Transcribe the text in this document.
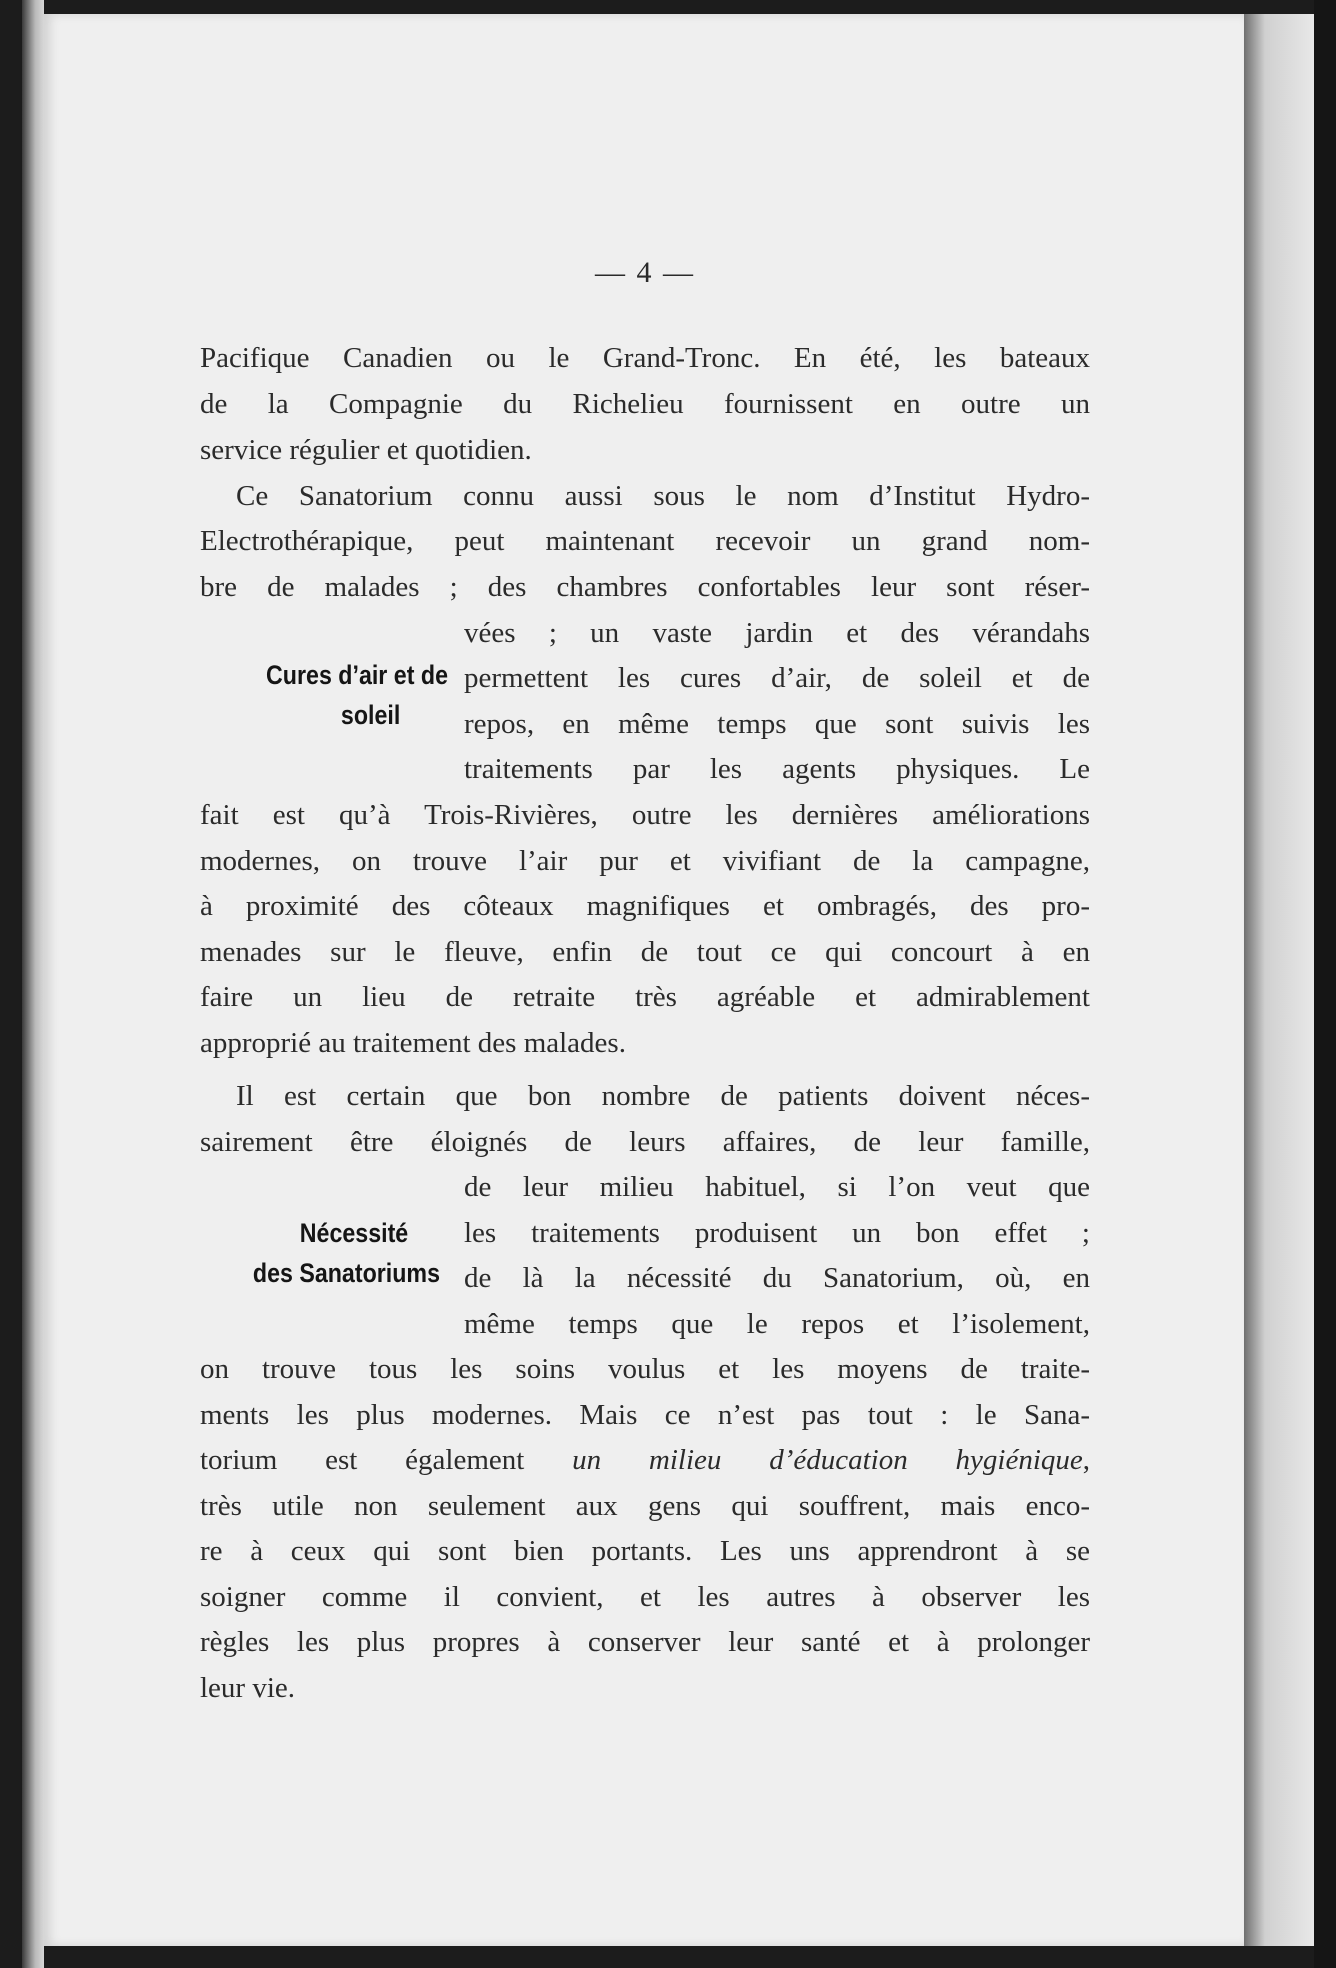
— 4 —
Pacifique Canadien ou le Grand-Tronc. En été, les bateaux
de la Compagnie du Richelieu fournissent en outre un
service régulier et quotidien.
Ce Sanatorium connu aussi sous le nom d’Institut Hydro-
Electrothérapique, peut maintenant recevoir un grand nom-
bre de malades ; des chambres confortables leur sont réser-
vées ; un vaste jardin et des vérandahs
permettent les cures d’air, de soleil et de
repos, en même temps que sont suivis les
traitements par les agents physiques. Le
fait est qu’à Trois-Rivières, outre les dernières améliorations
modernes, on trouve l’air pur et vivifiant de la campagne,
à proximité des côteaux magnifiques et ombragés, des pro-
menades sur le fleuve, enfin de tout ce qui concourt à en
faire un lieu de retraite très agréable et admirablement
approprié au traitement des malades.
Il est certain que bon nombre de patients doivent néces-
sairement être éloignés de leurs affaires, de leur famille,
de leur milieu habituel, si l’on veut que
les traitements produisent un bon effet ;
de là la nécessité du Sanatorium, où, en
même temps que le repos et l’isolement,
on trouve tous les soins voulus et les moyens de traite-
ments les plus modernes. Mais ce n’est pas tout : le Sana-
torium est également un milieu d’éducation hygiénique,
très utile non seulement aux gens qui souffrent, mais enco-
re à ceux qui sont bien portants. Les uns apprendront à se
soigner comme il convient, et les autres à observer les
règles les plus propres à conserver leur santé et à prolonger
leur vie.
Cures d’air et de
soleil
Nécessité
des Sanatoriums
